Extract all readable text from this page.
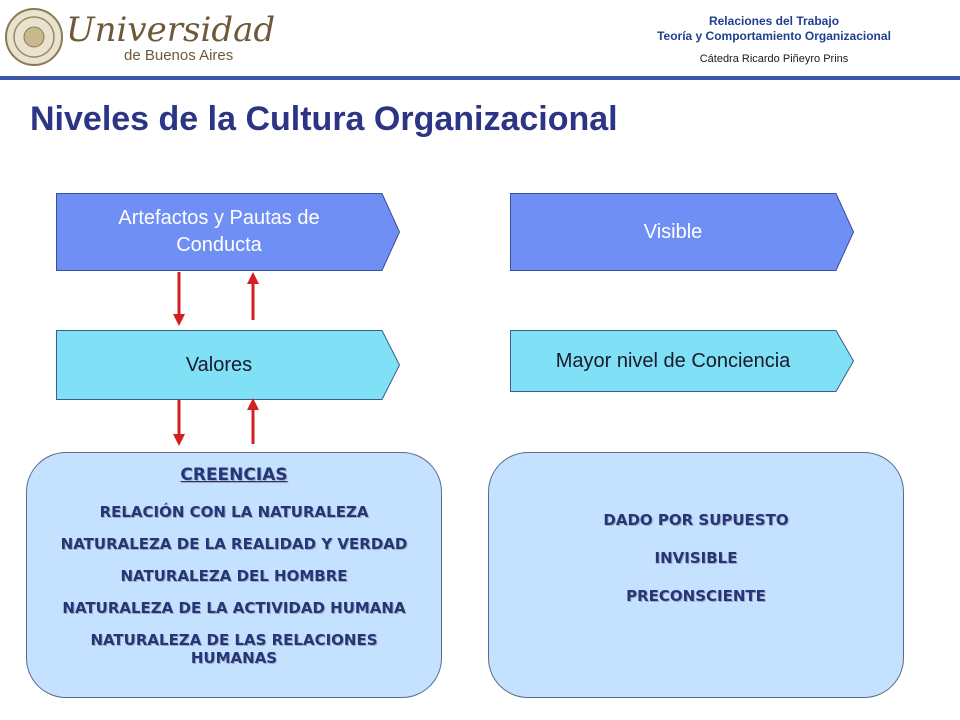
Universidad
de Buenos Aires
Relaciones del Trabajo
Teoría y Comportamiento Organizacional
Cátedra Ricardo Piñeyro Prins
Niveles de la Cultura Organizacional
Artefactos y Pautas de Conducta
Valores
Visible
Mayor nivel de Conciencia
CREENCIAS
RELACIÓN CON LA NATURALEZA
NATURALEZA DE LA REALIDAD Y VERDAD
NATURALEZA DEL HOMBRE
NATURALEZA DE LA ACTIVIDAD HUMANA
NATURALEZA DE LAS RELACIONES HUMANAS
DADO POR SUPUESTO
INVISIBLE
PRECONSCIENTE
